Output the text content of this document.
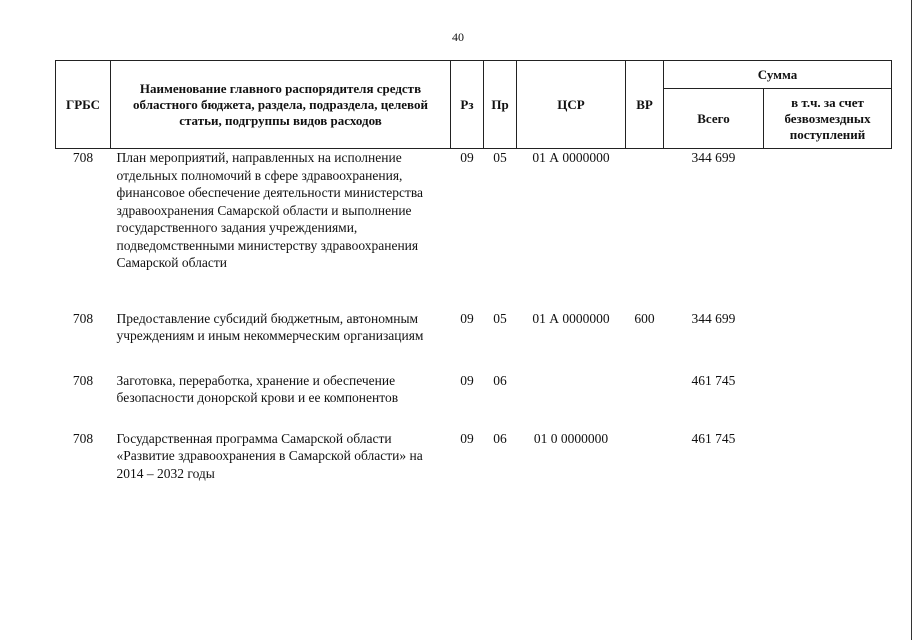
40
ГРБС	Наименование главного распорядителя средств областного бюджета, раздела, подраздела, целевой статьи, подгруппы видов расходов	Рз	Пр	ЦСР	ВР	Сумма	
						Всего	в т.ч. за счет безвозмездных поступлений
708	План мероприятий, направленных на исполнение отдельных полномочий в сфере здравоохранения, финансовое обеспечение деятельности министерства здравоохранения Самарской области и выполнение государственного задания учреждениями, подведомственными министерству здравоохранения Самарской области	09	05	01 А 0000000		344 699	
708	Предоставление субсидий бюджетным, автономным учреждениям и иным некоммерческим организациям	09	05	01 А 0000000	600	344 699	
708	Заготовка, переработка, хранение и обеспечение безопасности донорской крови и ее компонентов	09	06			461 745	
708	Государственная программа Самарской области «Развитие здравоохранения в Самарской области» на 2014 – 2032 годы	09	06	01 0 0000000		461 745	
